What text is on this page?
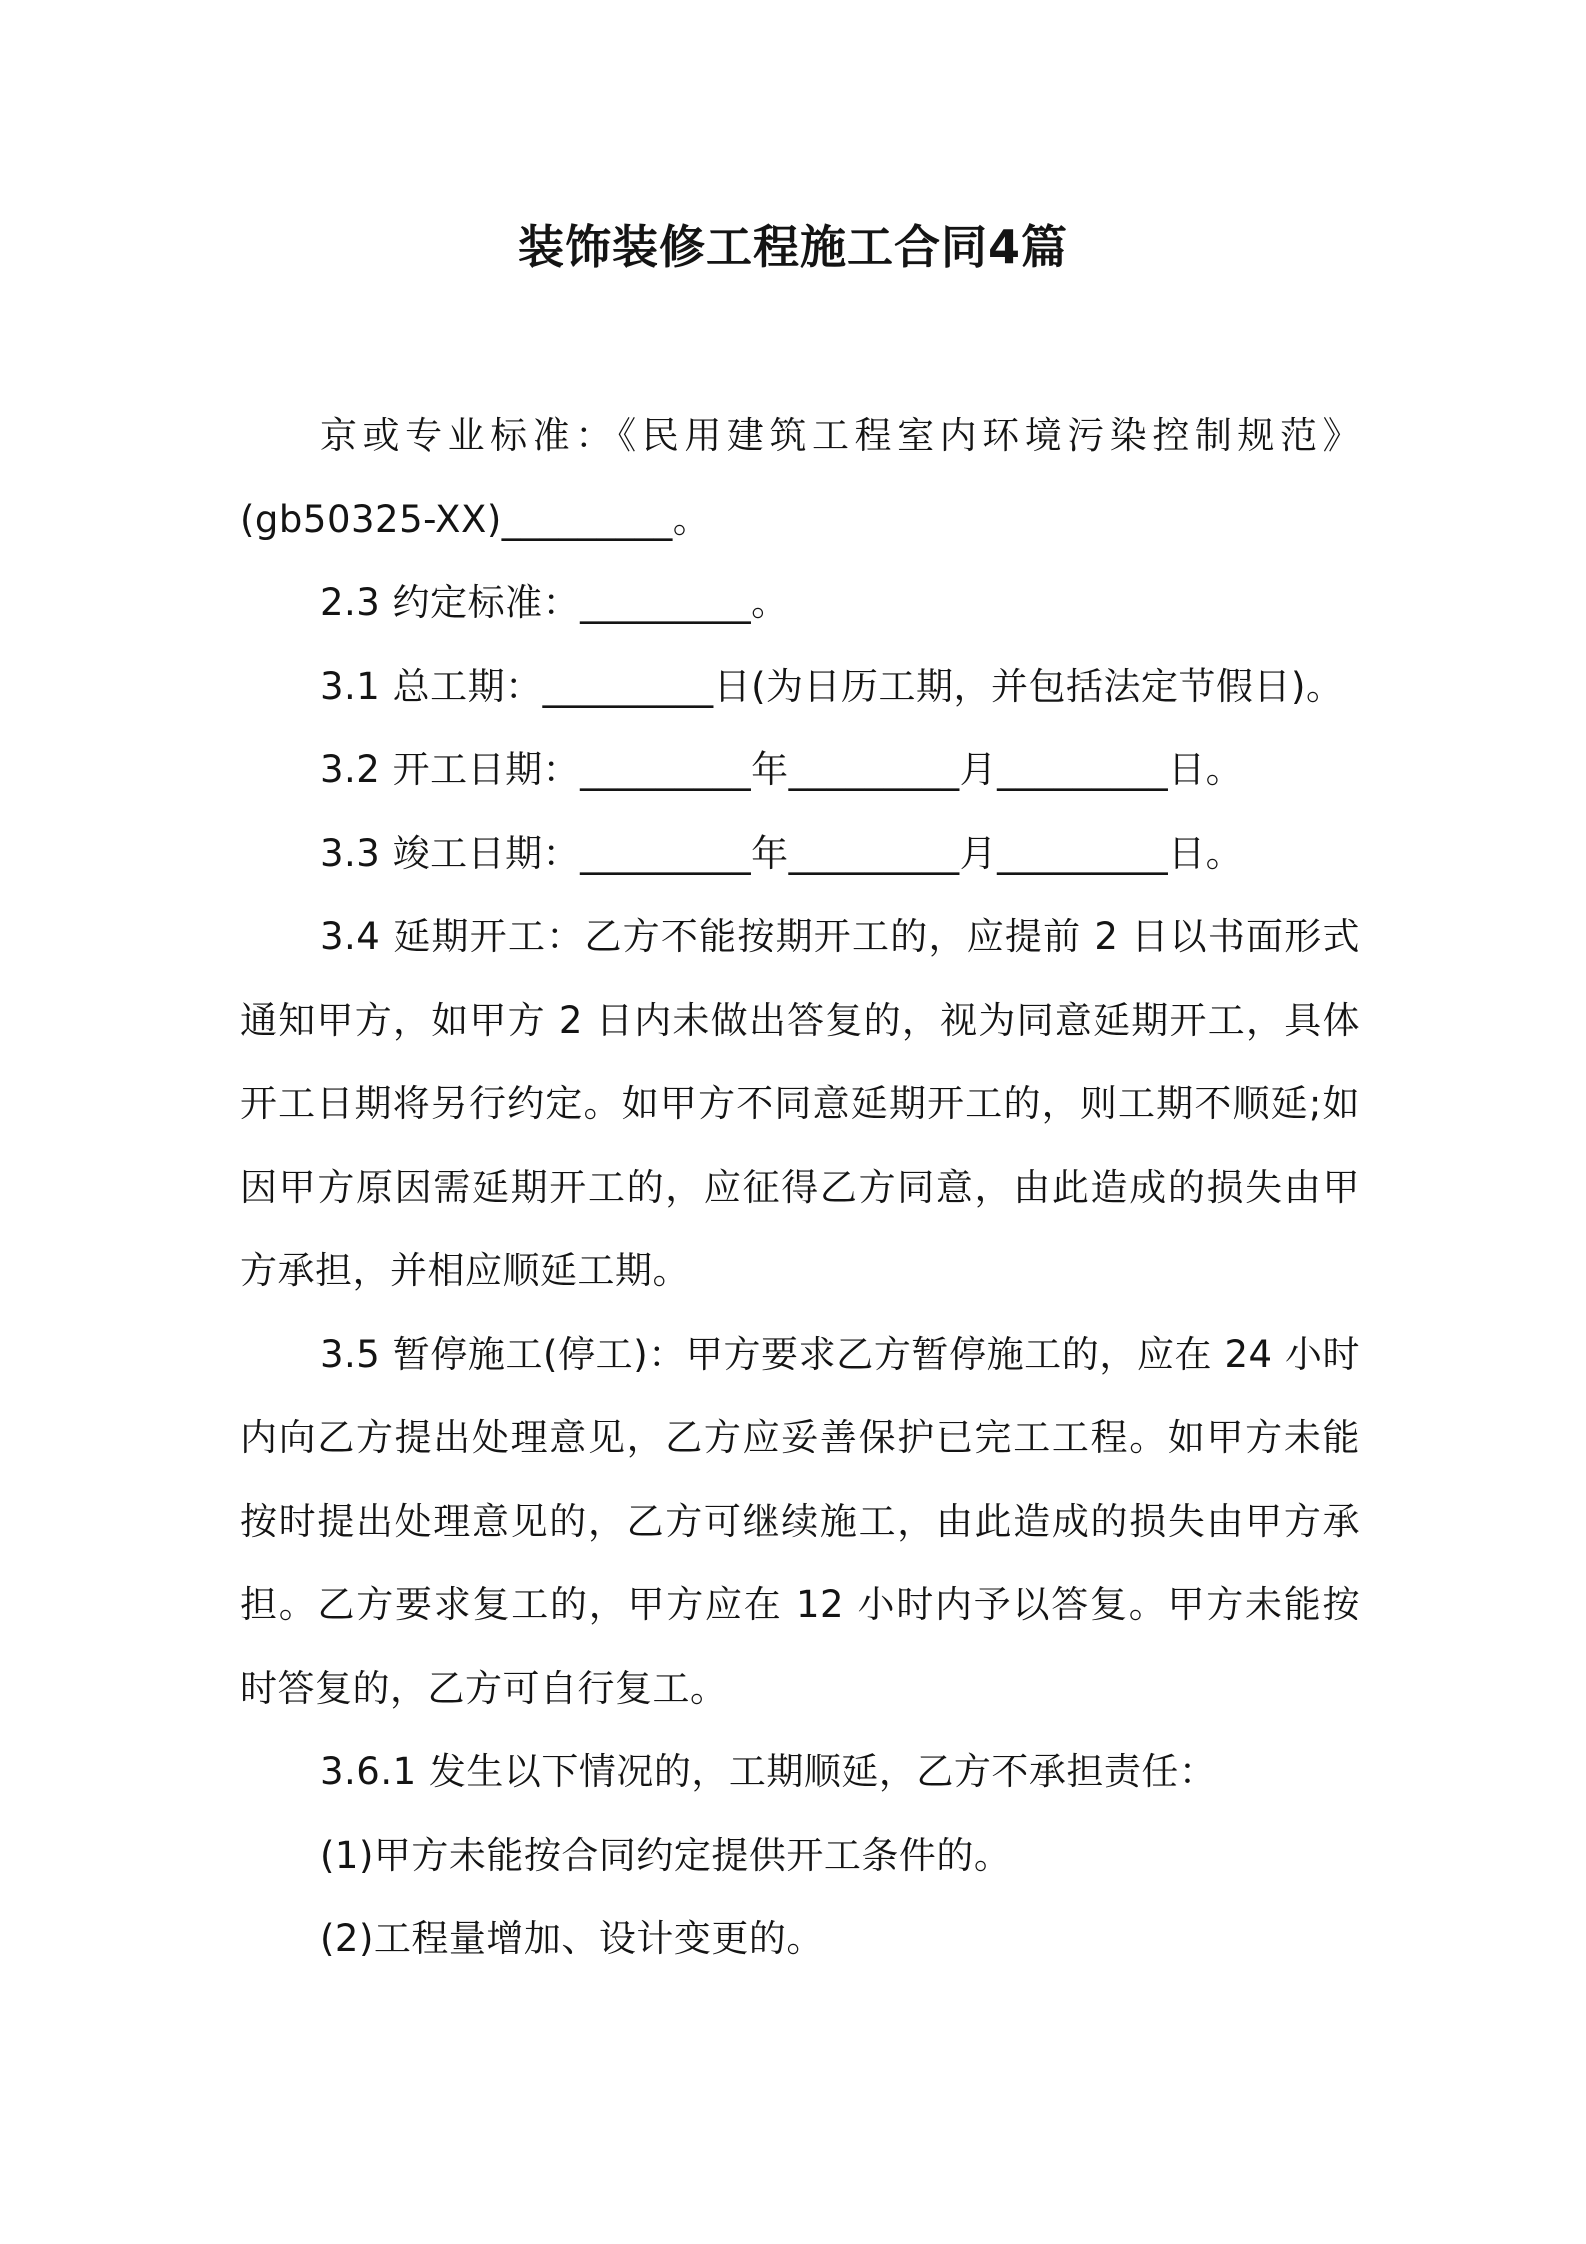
装饰装修工程施工合同4篇

京或专业标准：《民用建筑工程室内环境污染控制规范》(gb50325-XX)_________。

2.3 约定标准：_________。

3.1 总工期：_________日(为日历工期，并包括法定节假日)。

3.2 开工日期：_________年_________月_________日。

3.3 竣工日期：_________年_________月_________日。

3.4 延期开工：乙方不能按期开工的，应提前 2 日以书面形式通知甲方，如甲方 2 日内未做出答复的，视为同意延期开工，具体开工日期将另行约定。如甲方不同意延期开工的，则工期不顺延;如因甲方原因需延期开工的，应征得乙方同意，由此造成的损失由甲方承担，并相应顺延工期。

3.5 暂停施工(停工)：甲方要求乙方暂停施工的，应在 24 小时内向乙方提出处理意见，乙方应妥善保护已完工工程。如甲方未能按时提出处理意见的，乙方可继续施工，由此造成的损失由甲方承担。乙方要求复工的，甲方应在 12 小时内予以答复。甲方未能按时答复的，乙方可自行复工。

3.6.1 发生以下情况的，工期顺延，乙方不承担责任：

(1)甲方未能按合同约定提供开工条件的。

(2)工程量增加、设计变更的。
